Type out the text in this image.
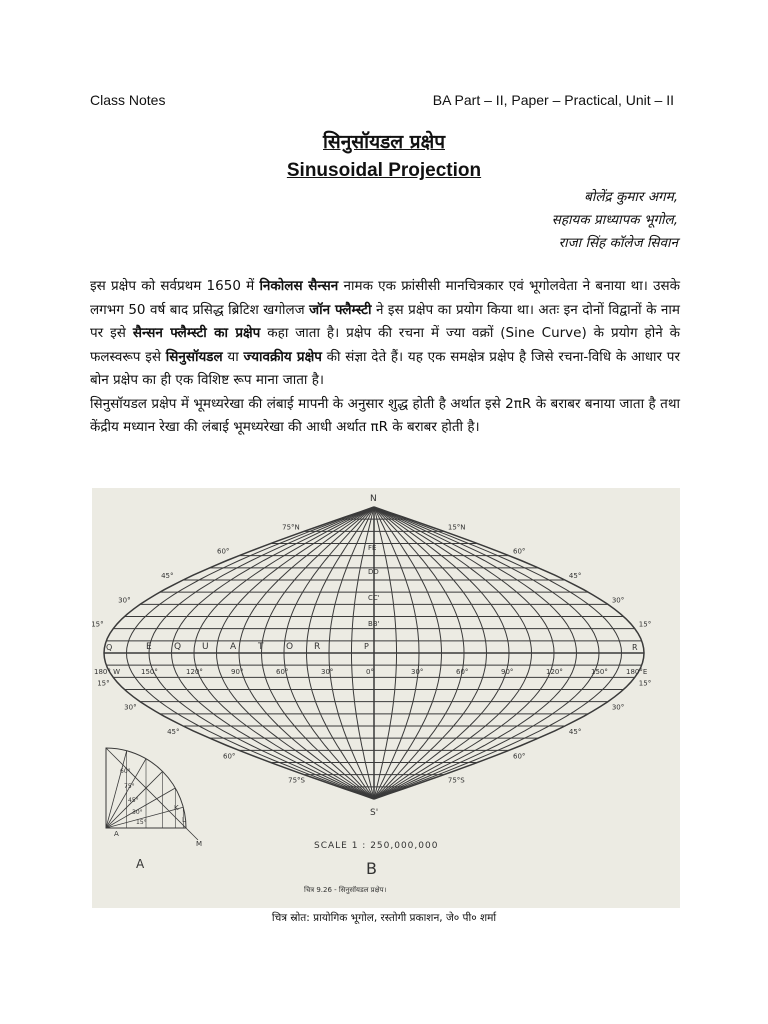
Class Notes	BA Part – II, Paper – Practical, Unit – II
सिनुसॉयडल प्रक्षेप
Sinusoidal Projection
बोलेंद्र कुमार अगम,
सहायक प्राध्यापक भूगोल,
राजा सिंह कॉलेज सिवान

इस प्रक्षेप को सर्वप्रथम 1650 में निकोलस सैन्सन नामक एक फ्रांसीसी मानचित्रकार एवं भूगोलवेता ने बनाया था। उसके लगभग 50 वर्ष बाद प्रसिद्ध ब्रिटिश खगोलज जॉन फ्लैम्स्टी ने इस प्रक्षेप का प्रयोग किया था। अतः इन दोनों विद्वानों के नाम पर इसे सैन्सन फ्लैम्स्टी का प्रक्षेप कहा जाता है। प्रक्षेप की रचना में ज्या वक्रों (Sine Curve) के प्रयोग होने के फलस्वरूप इसे सिनुसॉयडल या ज्यावक्रीय प्रक्षेप की संज्ञा देते हैं। यह एक समक्षेत्र प्रक्षेप है जिसे रचना-विधि के आधार पर बोन प्रक्षेप का ही एक विशिष्ट रूप माना जाता है।

सिनुसॉयडल प्रक्षेप में भूमध्यरेखा की लंबाई मापनी के अनुसार शुद्ध होती है अर्थात इसे 2πR के बराबर बनाया जाता है तथा केंद्रीय मध्यान रेखा की लंबाई भूमध्यरेखा की आधी अर्थात πR के बराबर होती है।

N
S'
75°N	15°N
60°	60°
45°	45°
30°	30°
15°	15°
15°	15°
30°	30°
45°	45°
60°	60°
75°S	75°S
E Q U A T	O R
Q	R
P
150°	120°	90°	60°	30°	0°	30°	60°	90°	120°	150°	180°E
180° W
FE
DD
CC'
BB'
60°
75°
45°
30°
15°
K
L
M
A
SCALE 1 : 250,000,000
A	B
चित्र 9.26 - सिनुसॉयडल प्रक्षेप।
चित्र स्रोत: प्रायोगिक भूगोल, रस्तोगी प्रकाशन, जे० पी० शर्मा
